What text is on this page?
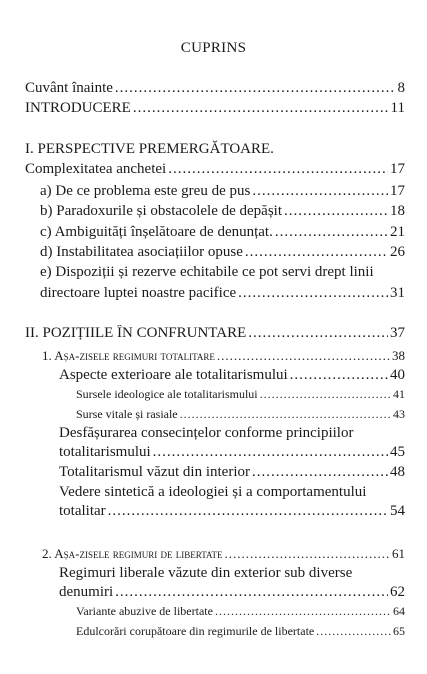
CUPRINS
Cuvânt înainte .....	8
INTRODUCERE .....	11
I. PERSPECTIVE PREMERGĂTOARE.
Complexitatea anchetei .....	17
a) De ce problema este greu de pus .....	17
b) Paradoxurile și obstacolele de depășit .....	18
c) Ambiguități înșelătoare de denunțat. .....	21
d) Instabilitatea asociațiilor opuse .....	26
e) Dispoziții și rezerve echitabile ce pot servi drept linii
directoare luptei noastre pacifice .....	31
II. POZIȚIILE ÎN CONFRUNTARE .....	37
1. Așa-zisele regimuri totalitare .....	38
Aspecte exterioare ale totalitarismului .....	40
Sursele ideologice ale totalitarismului .....	41
Surse vitale și rasiale .....	43
Desfășurarea consecințelor conforme principiilor
totalitarismului .....	45
Totalitarismul văzut din interior .....	48
Vedere sintetică a ideologiei și a comportamentului
totalitar .....	54
2. Așa-zisele regimuri de libertate .....	61
Regimuri liberale văzute din exterior sub diverse
denumiri .....	62
Variante abuzive de libertate .....	64
Edulcorări corupătoare din regimurile de libertate .....	65
